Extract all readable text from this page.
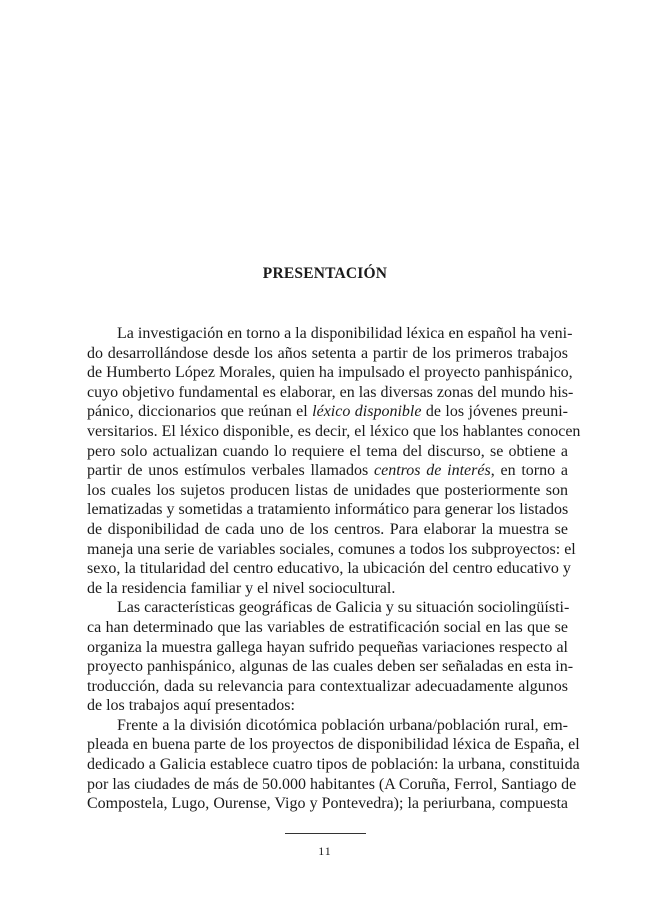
PRESENTACIÓN
La investigación en torno a la disponibilidad léxica en español ha veni-
do desarrollándose desde los años setenta a partir de los primeros trabajos
de Humberto López Morales, quien ha impulsado el proyecto panhispánico,
cuyo objetivo fundamental es elaborar, en las diversas zonas del mundo his-
pánico, diccionarios que reúnan el léxico disponible de los jóvenes preuni-
versitarios. El léxico disponible, es decir, el léxico que los hablantes conocen
pero solo actualizan cuando lo requiere el tema del discurso, se obtiene a
partir de unos estímulos verbales llamados centros de interés, en torno a
los cuales los sujetos producen listas de unidades que posteriormente son
lematizadas y sometidas a tratamiento informático para generar los listados
de disponibilidad de cada uno de los centros. Para elaborar la muestra se
maneja una serie de variables sociales, comunes a todos los subproyectos: el
sexo, la titularidad del centro educativo, la ubicación del centro educativo y
de la residencia familiar y el nivel sociocultural.
Las características geográficas de Galicia y su situación sociolingüísti-
ca han determinado que las variables de estratificación social en las que se
organiza la muestra gallega hayan sufrido pequeñas variaciones respecto al
proyecto panhispánico, algunas de las cuales deben ser señaladas en esta in-
troducción, dada su relevancia para contextualizar adecuadamente algunos
de los trabajos aquí presentados:
Frente a la división dicotómica población urbana/población rural, em-
pleada en buena parte de los proyectos de disponibilidad léxica de España, el
dedicado a Galicia establece cuatro tipos de población: la urbana, constituida
por las ciudades de más de 50.000 habitantes (A Coruña, Ferrol, Santiago de
Compostela, Lugo, Ourense, Vigo y Pontevedra); la periurbana, compuesta
11
